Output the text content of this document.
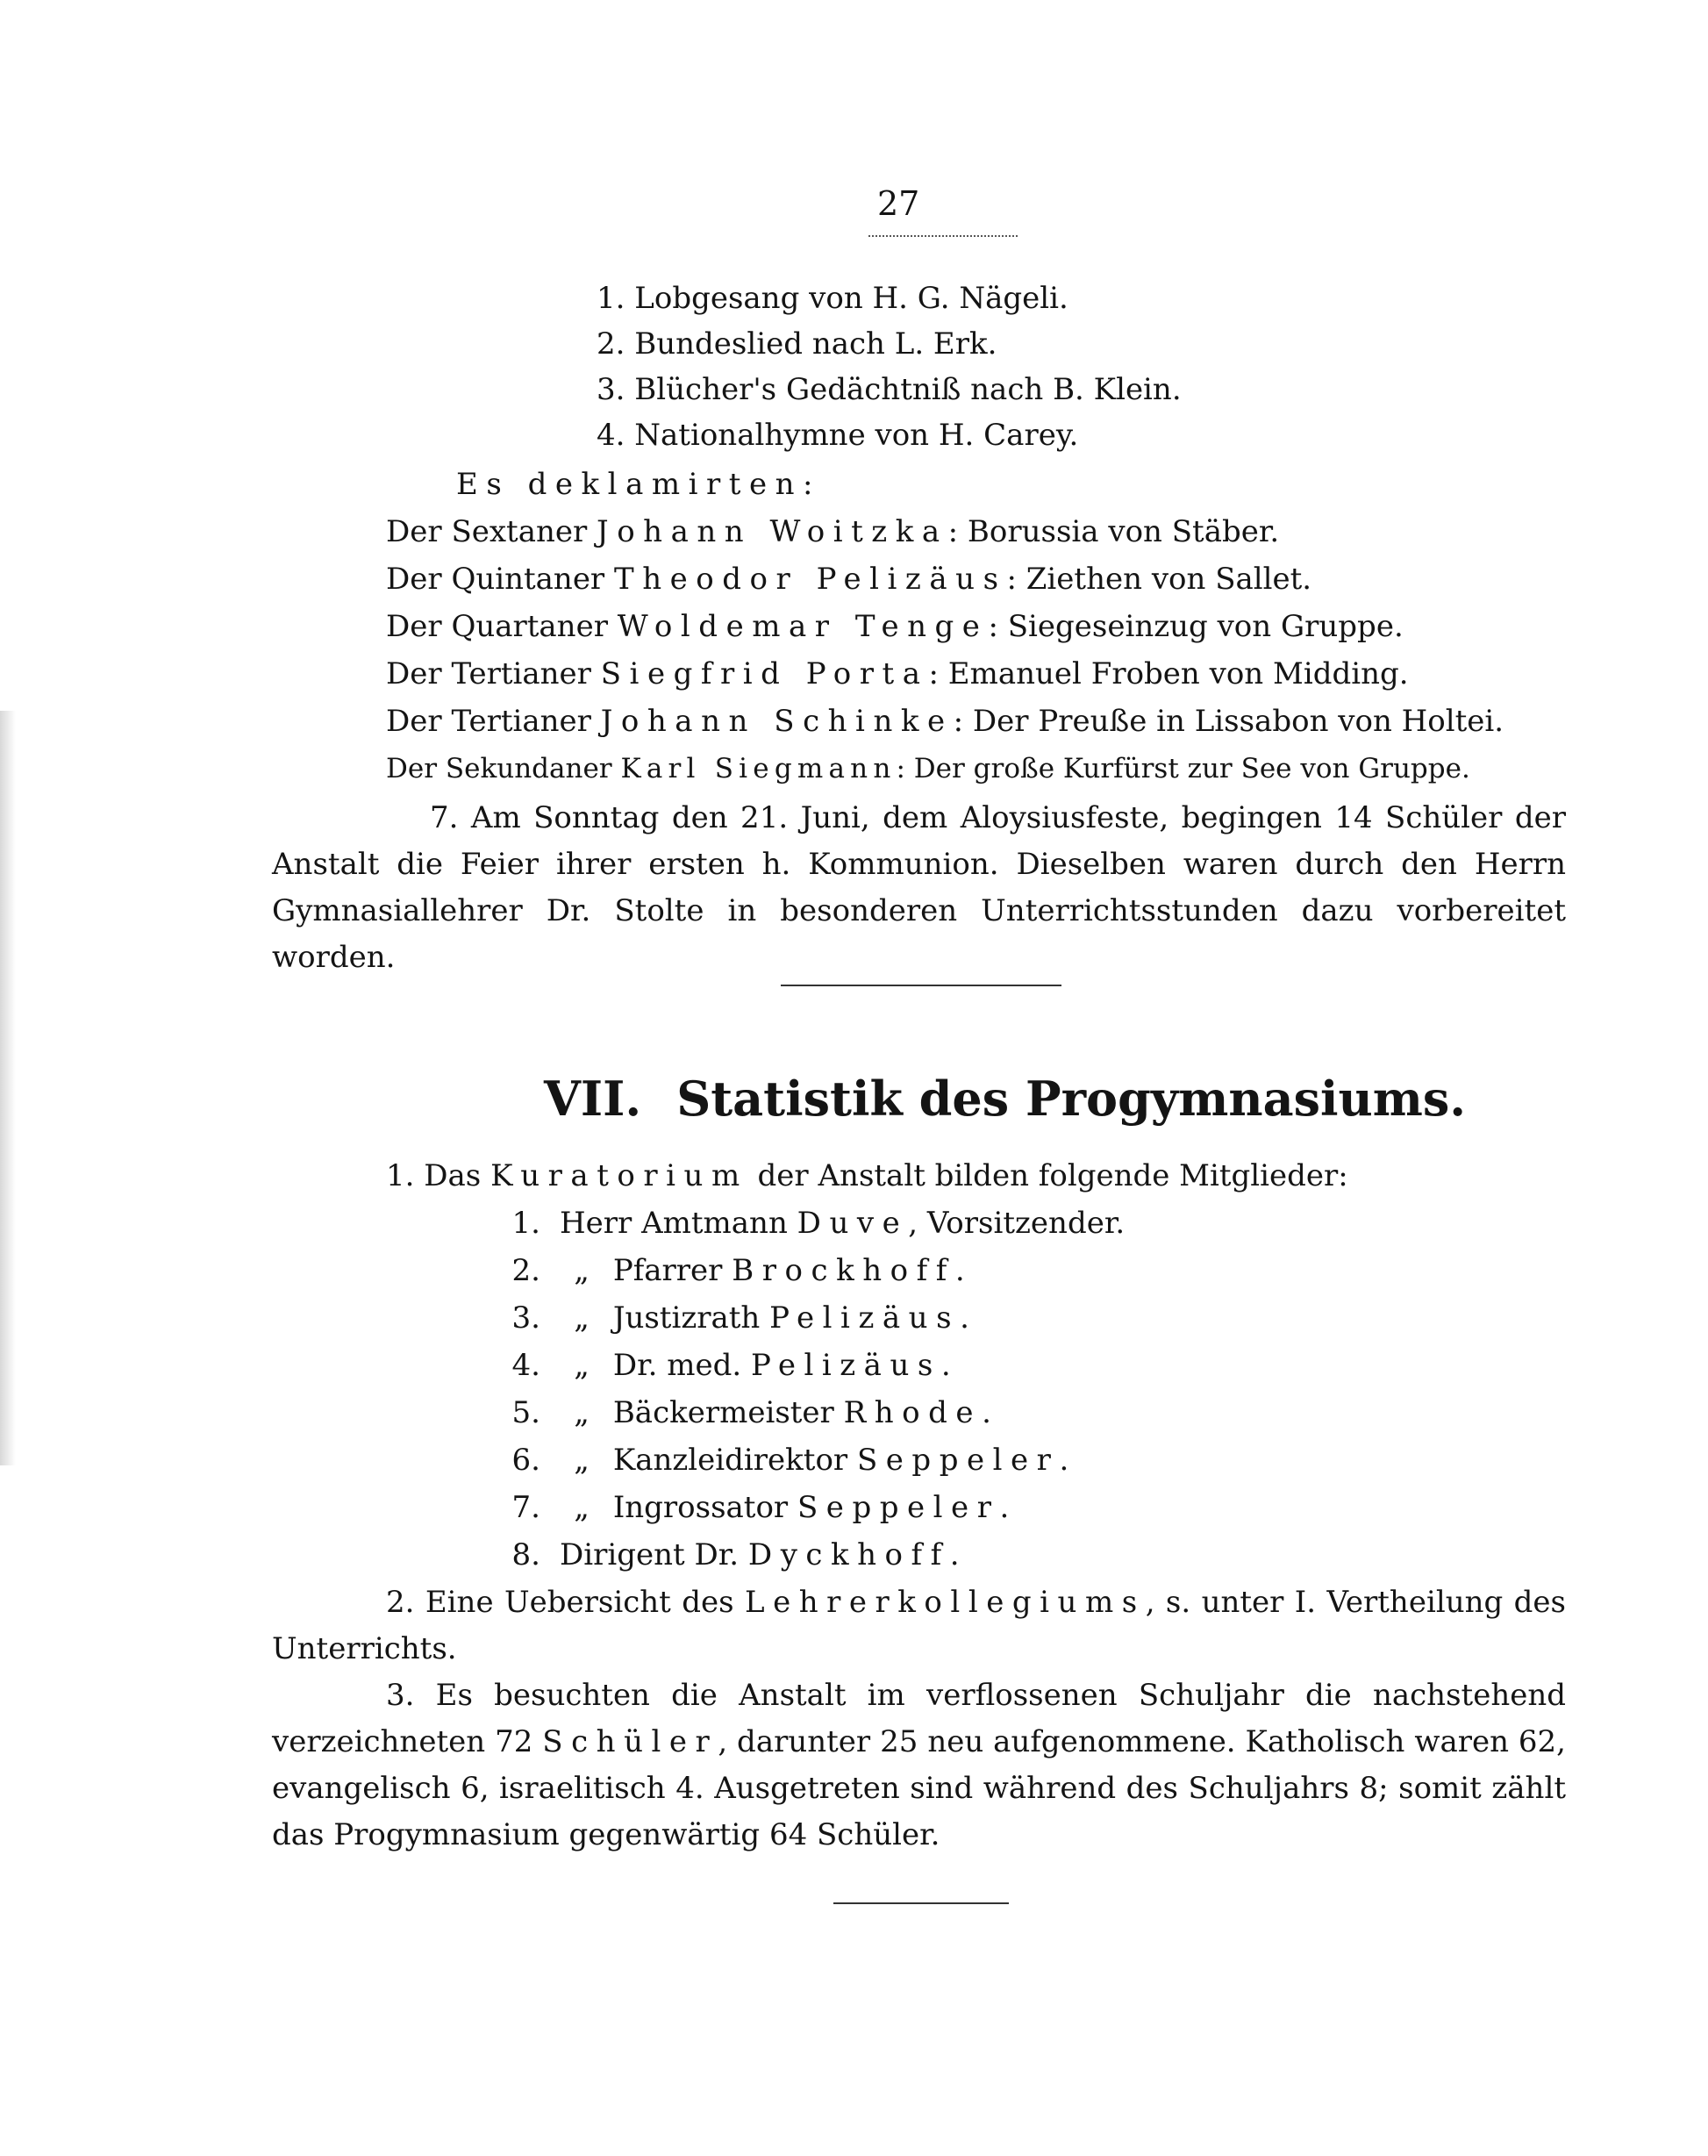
27
1. Lobgesang von H. G. Nägeli.
2. Bundeslied nach L. Erk.
3. Blücher's Gedächtniß nach B. Klein.
4. Nationalhymne von H. Carey.
Es deklamirten:
Der Sextaner Johann Woitzka: Borussia von Stäber.
Der Quintaner Theodor Pelizäus: Ziethen von Sallet.
Der Quartaner Woldemar Tenge: Siegeseinzug von Gruppe.
Der Tertianer Siegfrid Porta: Emanuel Froben von Midding.
Der Tertianer Johann Schinke: Der Preuße in Lissabon von Holtei.
Der Sekundaner Karl Siegmann: Der große Kurfürst zur See von Gruppe.
7. Am Sonntag den 21. Juni, dem Aloysiusfeste, begingen 14 Schüler der Anstalt die Feier ihrer ersten h. Kommunion. Dieselben waren durch den Herrn Gymnasiallehrer Dr. Stolte in besonderen Unterrichtsstunden dazu vorbereitet worden.
VII. Statistik des Progymnasiums.
1. Das Kuratorium der Anstalt bilden folgende Mitglieder:
1. Herr Amtmann Duve, Vorsitzender.
2. „ Pfarrer Brockhoff.
3. „ Justizrath Pelizäus.
4. „ Dr. med. Pelizäus.
5. „ Bäckermeister Rhode.
6. „ Kanzleidirektor Seppeler.
7. „ Ingrossator Seppeler.
8. Dirigent Dr. Dyckhoff.
2. Eine Uebersicht des Lehrerkollegiums, s. unter I. Vertheilung des Unterrichts.
3. Es besuchten die Anstalt im verflossenen Schuljahr die nachstehend verzeichneten 72 Schüler, darunter 25 neu aufgenommene. Katholisch waren 62, evangelisch 6, israelitisch 4. Ausgetreten sind während des Schuljahrs 8; somit zählt das Progymnasium gegenwärtig 64 Schüler.
